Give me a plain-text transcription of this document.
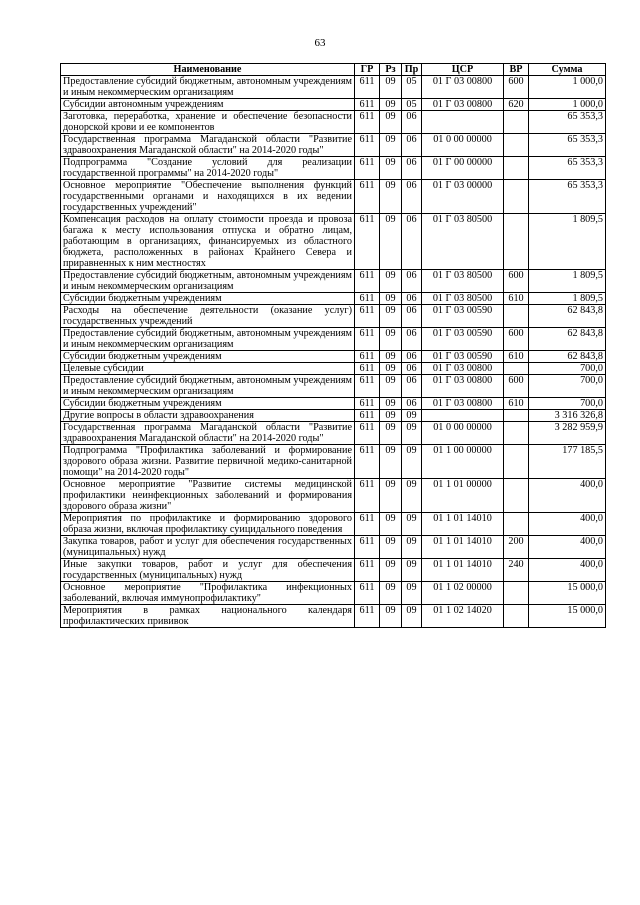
63
Наименование	ГР	Рз	Пр	ЦСР	ВР	Сумма
Предоставление субсидий бюджетным, автономным учреждениям и иным некоммерческим организациям	611	09	05	01 Г 03 00800	600	1 000,0
Субсидии автономным учреждениям	611	09	05	01 Г 03 00800	620	1 000,0
Заготовка, переработка, хранение и обеспечение безопасности донорской крови и ее компонентов	611	09	06			65 353,3
Государственная программа Магаданской области "Развитие здравоохранения Магаданской области" на 2014-2020 годы"	611	09	06	01 0 00 00000		65 353,3
Подпрограмма "Создание условий для реализации государственной программы" на 2014-2020 годы"	611	09	06	01 Г 00 00000		65 353,3
Основное мероприятие "Обеспечение выполнения функций государственными органами и находящихся в их ведении государственных учреждений"	611	09	06	01 Г 03 00000		65 353,3
Компенсация расходов на оплату стоимости проезда и провоза багажа к месту использования отпуска и обратно лицам, работающим в организациях, финансируемых из областного бюджета, расположенных в районах Крайнего Севера и приравненных к ним местностях	611	09	06	01 Г 03 80500		1 809,5
Предоставление субсидий бюджетным, автономным учреждениям и иным некоммерческим организациям	611	09	06	01 Г 03 80500	600	1 809,5
Субсидии бюджетным учреждениям	611	09	06	01 Г 03 80500	610	1 809,5
Расходы на обеспечение деятельности (оказание услуг) государственных учреждений	611	09	06	01 Г 03 00590		62 843,8
Предоставление субсидий бюджетным, автономным учреждениям и иным некоммерческим организациям	611	09	06	01 Г 03 00590	600	62 843,8
Субсидии бюджетным учреждениям	611	09	06	01 Г 03 00590	610	62 843,8
Целевые субсидии	611	09	06	01 Г 03 00800		700,0
Предоставление субсидий бюджетным, автономным учреждениям и иным некоммерческим организациям	611	09	06	01 Г 03 00800	600	700,0
Субсидии бюджетным учреждениям	611	09	06	01 Г 03 00800	610	700,0
Другие вопросы в области здравоохранения	611	09	09			3 316 326,8
Государственная программа Магаданской области "Развитие здравоохранения Магаданской области" на 2014-2020 годы"	611	09	09	01 0 00 00000		3 282 959,9
Подпрограмма "Профилактика заболеваний и формирование здорового образа жизни. Развитие первичной медико-санитарной помощи" на 2014-2020 годы"	611	09	09	01 1 00 00000		177 185,5
Основное мероприятие "Развитие системы медицинской профилактики неинфекционных заболеваний и формирования здорового образа жизни"	611	09	09	01 1 01 00000		400,0
Мероприятия по профилактике и формированию здорового образа жизни, включая профилактику суицидального поведения	611	09	09	01 1 01 14010		400,0
Закупка товаров, работ и услуг для обеспечения государственных (муниципальных) нужд	611	09	09	01 1 01 14010	200	400,0
Иные закупки товаров, работ и услуг для обеспечения государственных (муниципальных) нужд	611	09	09	01 1 01 14010	240	400,0
Основное мероприятие "Профилактика инфекционных заболеваний, включая иммунопрофилактику"	611	09	09	01 1 02 00000		15 000,0
Мероприятия в рамках национального календаря профилактических прививок	611	09	09	01 1 02 14020		15 000,0
